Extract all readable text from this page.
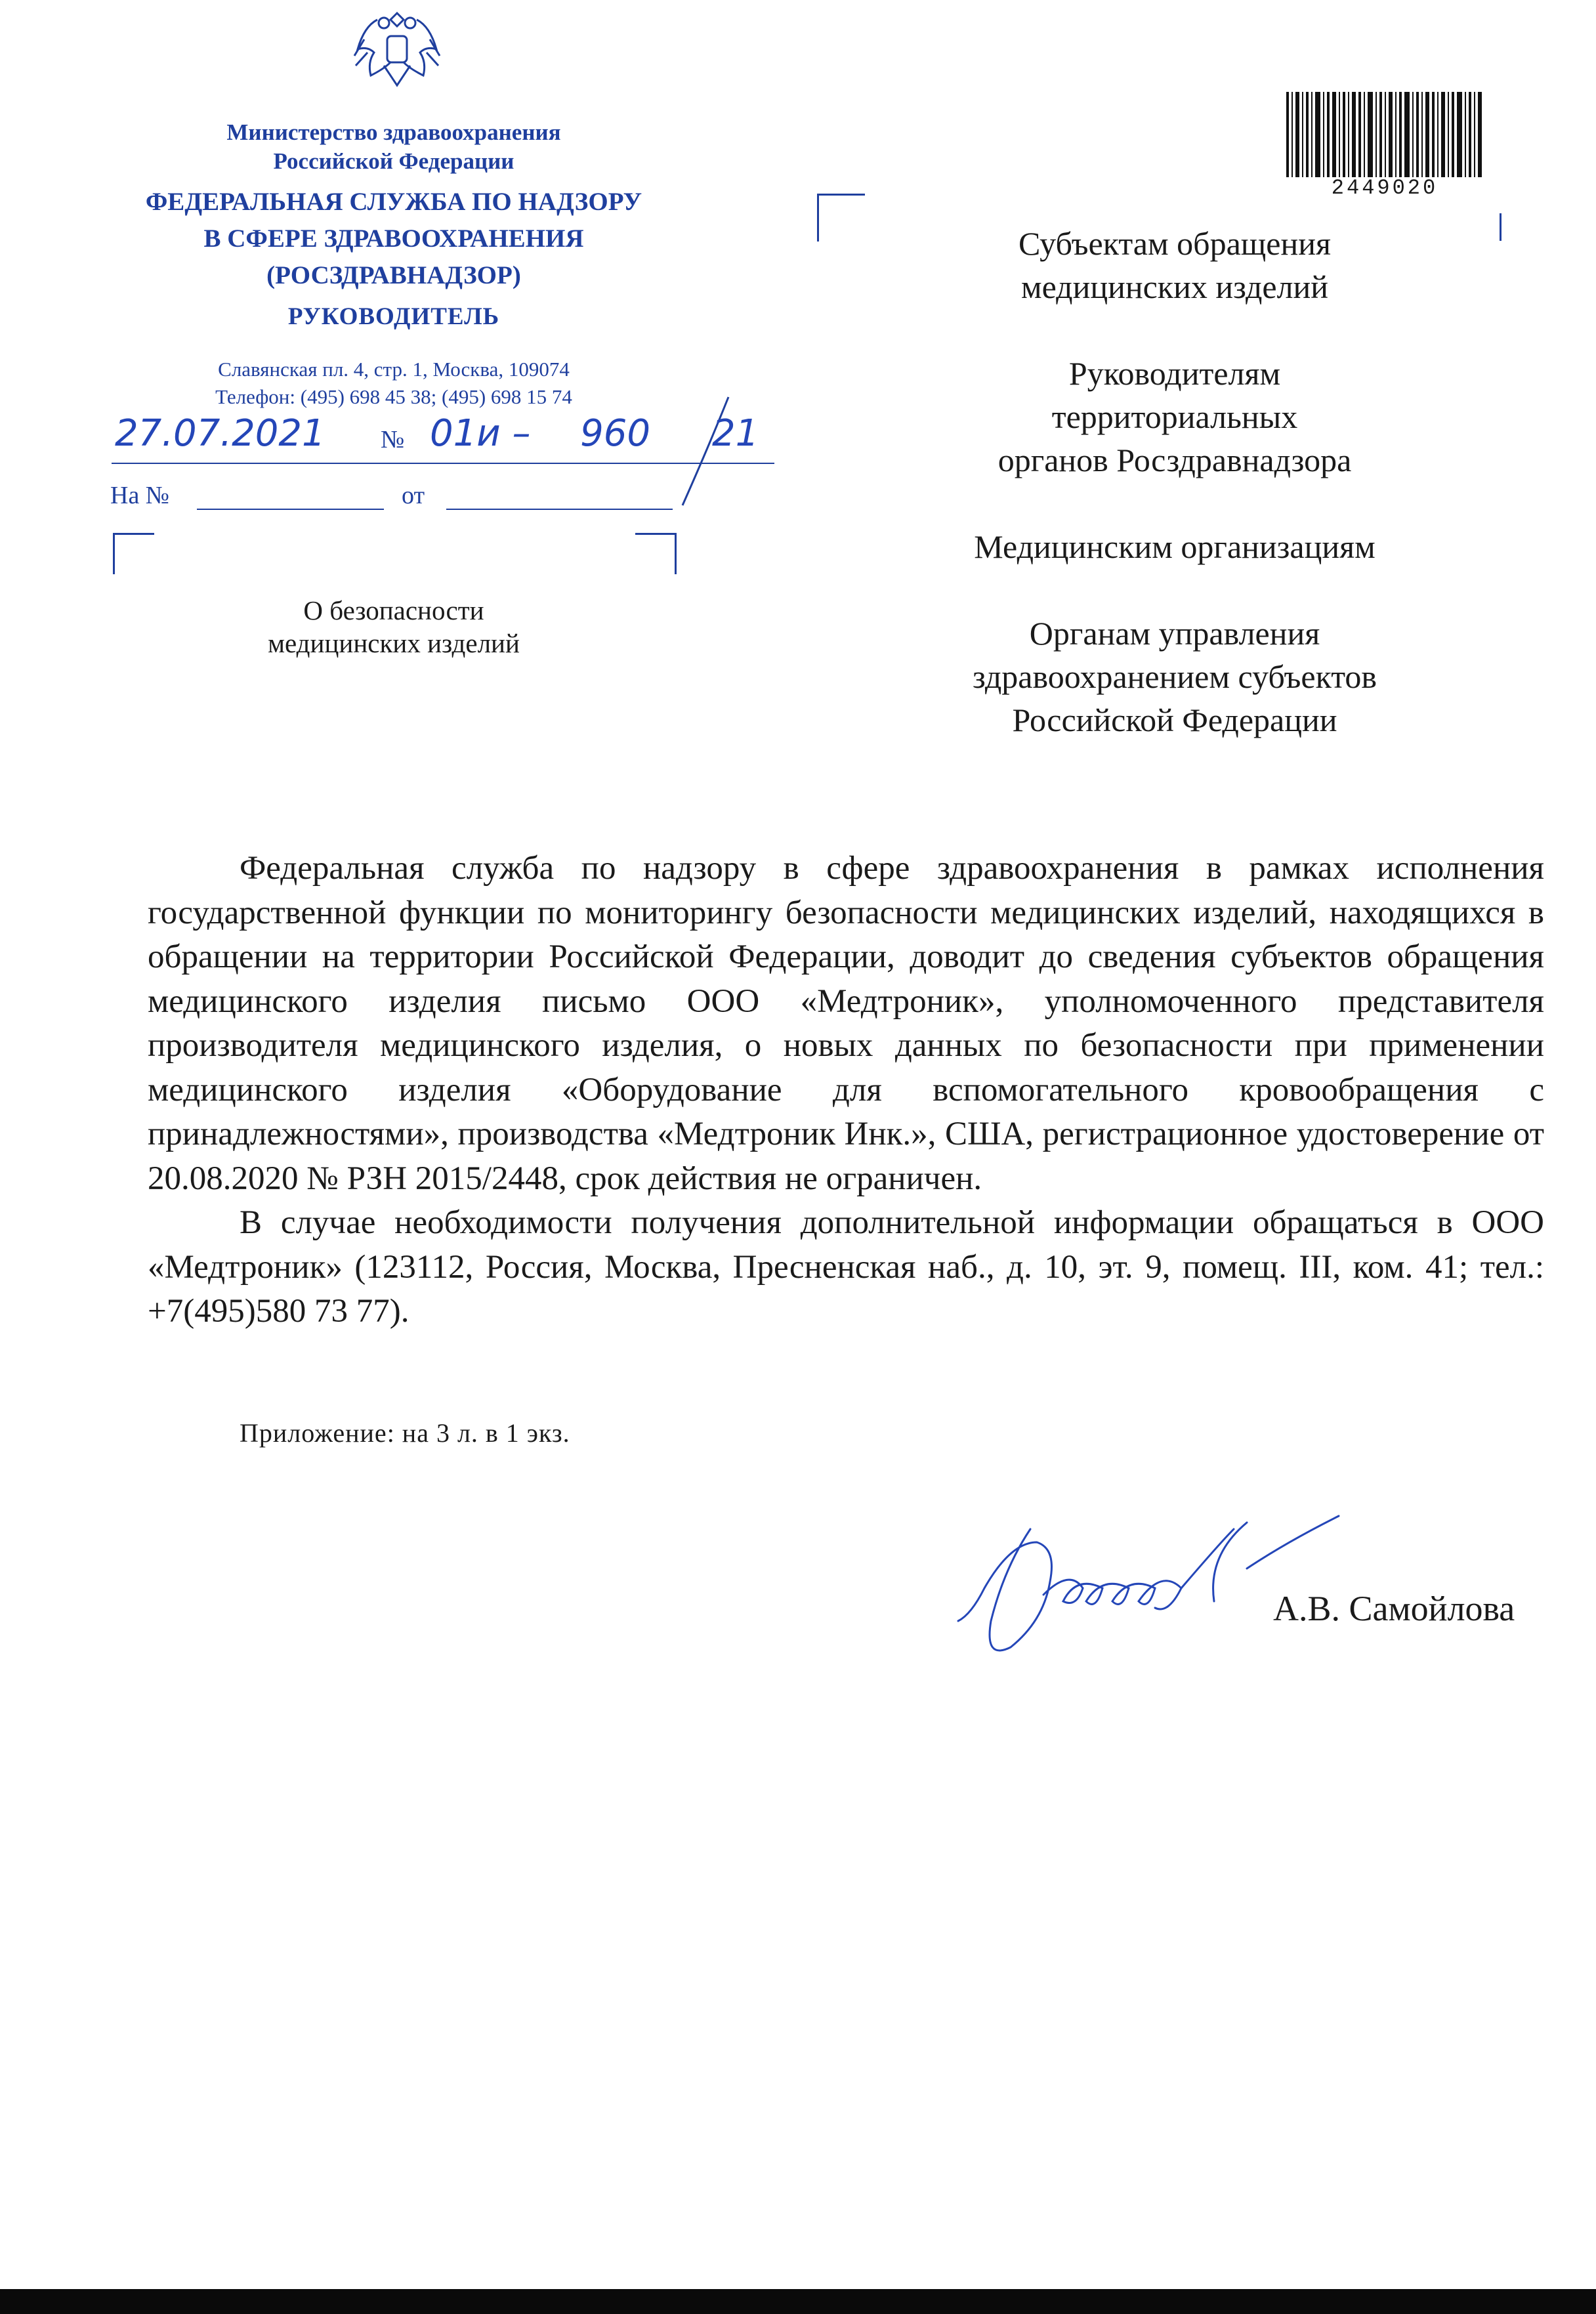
Министерство здравоохранения
Российской Федерации
ФЕДЕРАЛЬНАЯ СЛУЖБА ПО НАДЗОРУ
В СФЕРЕ ЗДРАВООХРАНЕНИЯ
(РОСЗДРАВНАДЗОР)
РУКОВОДИТЕЛЬ
Славянская пл. 4, стр. 1, Москва, 109074
Телефон: (495) 698 45 38; (495) 698 15 74
27.07.2021 № 01и – 960 21
На №	от
О безопасности
медицинских изделий
2449020
Субъектам обращения
медицинских изделий
Руководителям
территориальных
органов Росздравнадзора
Медицинским организациям
Органам управления
здравоохранением субъектов
Российской Федерации

Федеральная служба по надзору в сфере здравоохранения в рамках исполнения государственной функции по мониторингу безопасности медицинских изделий, находящихся в обращении на территории Российской Федерации, доводит до сведения субъектов обращения медицинского изделия письмо ООО «Медтроник», уполномоченного представителя производителя медицинского изделия, о новых данных по безопасности при применении медицинского изделия «Оборудование для вспомогательного кровообращения с принадлежностями», производства «Медтроник Инк.», США, регистрационное удостоверение от 20.08.2020 № РЗН 2015/2448, срок действия не ограничен.

В случае необходимости получения дополнительной информации обращаться в ООО «Медтроник» (123112, Россия, Москва, Пресненская наб., д. 10, эт. 9, помещ. III, ком. 41; тел.: +7(495)580 73 77).

Приложение: на 3 л. в 1 экз.
А.В. Самойлова
